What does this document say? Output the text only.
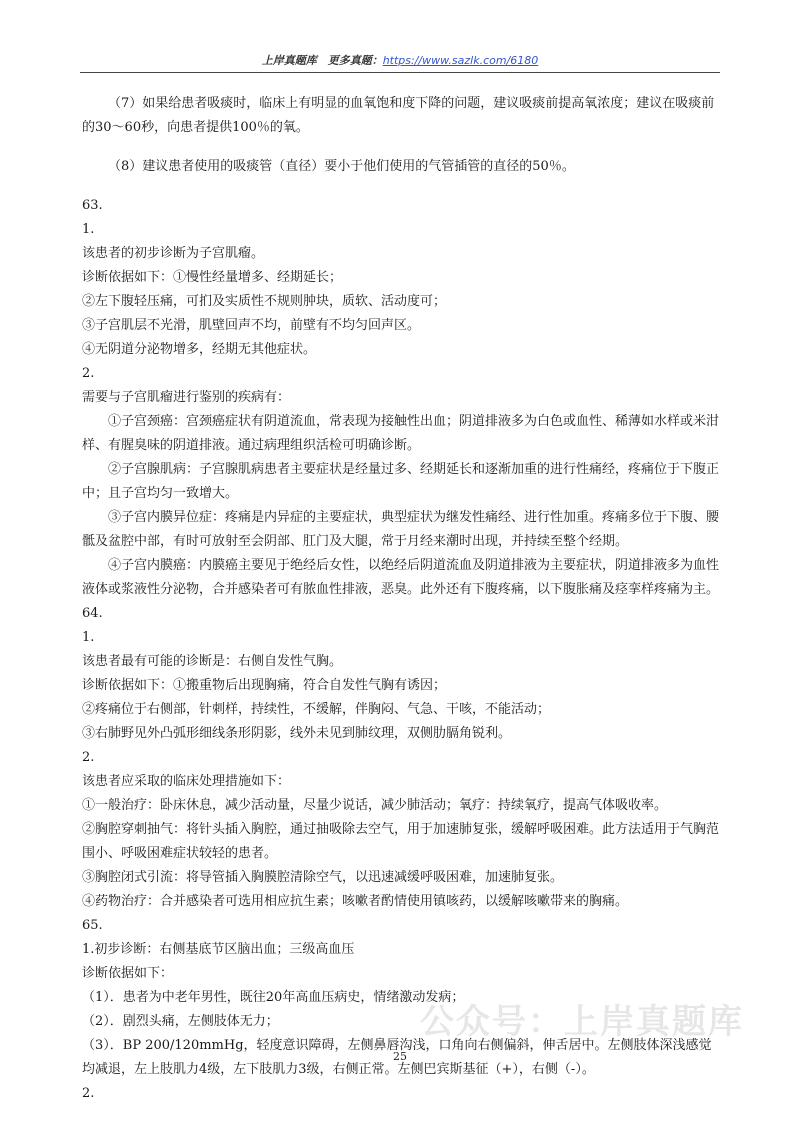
上岸真题库　更多真题：https://www.sazlk.com/6180

（7）如果给患者吸痰时，临床上有明显的血氧饱和度下降的问题，建议吸痰前提高氧浓度；建议在吸痰前的30～60秒，向患者提供100％的氧。

（8）建议患者使用的吸痰管（直径）要小于他们使用的气管插管的直径的50％。

63.

1.

该患者的初步诊断为子宫肌瘤。

诊断依据如下：①慢性经量增多、经期延长；

②左下腹轻压痛，可扪及实质性不规则肿块，质软、活动度可；

③子宫肌层不光滑，肌壁回声不均，前壁有不均匀回声区。

④无阴道分泌物增多，经期无其他症状。

2.

需要与子宫肌瘤进行鉴别的疾病有：

①子宫颈癌：宫颈癌症状有阴道流血，常表现为接触性出血；阴道排液多为白色或血性、稀薄如水样或米泔样、有腥臭味的阴道排液。通过病理组织活检可明确诊断。

②子宫腺肌病：子宫腺肌病患者主要症状是经量过多、经期延长和逐渐加重的进行性痛经，疼痛位于下腹正中；且子宫均匀一致增大。

③子宫内膜异位症：疼痛是内异症的主要症状，典型症状为继发性痛经、进行性加重。疼痛多位于下腹、腰骶及盆腔中部，有时可放射至会阴部、肛门及大腿，常于月经来潮时出现，并持续至整个经期。

④子宫内膜癌：内膜癌主要见于绝经后女性，以绝经后阴道流血及阴道排液为主要症状，阴道排液多为血性液体或浆液性分泌物，合并感染者可有脓血性排液，恶臭。此外还有下腹疼痛，以下腹胀痛及痉挛样疼痛为主。

64.

1.

该患者最有可能的诊断是：右侧自发性气胸。

诊断依据如下：①搬重物后出现胸痛，符合自发性气胸有诱因；

②疼痛位于右侧部，针刺样，持续性，不缓解，伴胸闷、气急、干咳，不能活动；

③右肺野见外凸弧形细线条形阴影，线外未见到肺纹理，双侧肋膈角锐利。

2.

该患者应采取的临床处理措施如下：

①一般治疗：卧床休息，减少活动量，尽量少说话，减少肺活动；氧疗：持续氧疗，提高气体吸收率。

②胸腔穿刺抽气：将针头插入胸腔，通过抽吸除去空气，用于加速肺复张，缓解呼吸困难。此方法适用于气胸范围小、呼吸困难症状较轻的患者。

③胸腔闭式引流：将导管插入胸膜腔清除空气，以迅速减缓呼吸困难，加速肺复张。

④药物治疗：合并感染者可选用相应抗生素；咳嗽者酌情使用镇咳药，以缓解咳嗽带来的胸痛。

65.

1.初步诊断：右侧基底节区脑出血；三级高血压

诊断依据如下：

（1）．患者为中老年男性，既往20年高血压病史，情绪激动发病；

（2）．剧烈头痛，左侧肢体无力；

（3）．BP 200/120mmHg，轻度意识障碍，左侧鼻唇沟浅，口角向右侧偏斜，伸舌居中。左侧肢体深浅感觉均减退，左上肢肌力4级，左下肢肌力3级，右侧正常。左侧巴宾斯基征（+），右侧（-）。

2.

公众号：上岸真题库
25
